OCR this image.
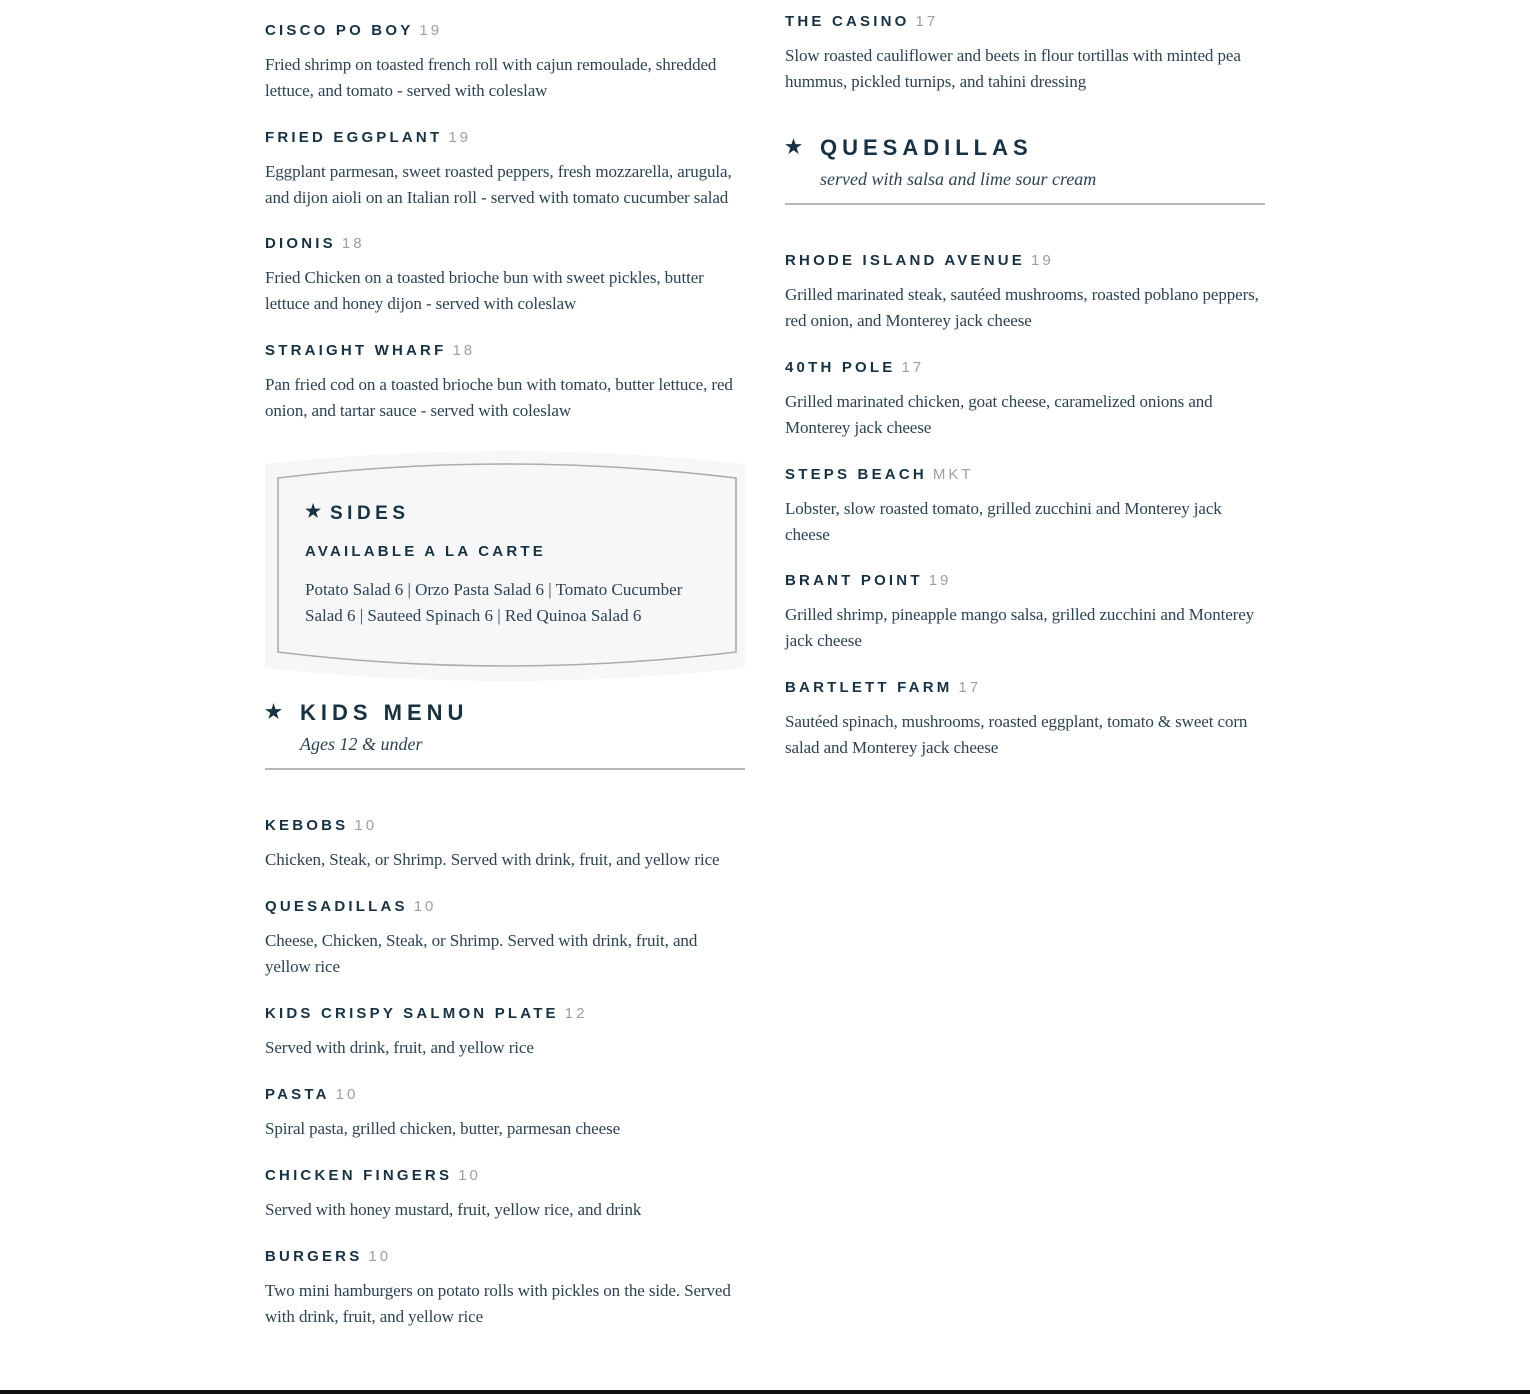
CISCO PO BOY 19
Fried shrimp on toasted french roll with cajun remoulade, shredded lettuce, and tomato - served with coleslaw
FRIED EGGPLANT 19
Eggplant parmesan, sweet roasted peppers, fresh mozzarella, arugula, and dijon aioli on an Italian roll - served with tomato cucumber salad
DIONIS 18
Fried Chicken on a toasted brioche bun with sweet pickles, butter lettuce and honey dijon - served with coleslaw
STRAIGHT WHARF 18
Pan fried cod on a toasted brioche bun with tomato, butter lettuce, red onion, and tartar sauce - served with coleslaw
★ SIDES
AVAILABLE A LA CARTE
Potato Salad 6 | Orzo Pasta Salad 6 | Tomato Cucumber Salad 6 | Sauteed Spinach 6 | Red Quinoa Salad 6
★ KIDS MENU
Ages 12 & under
KEBOBS 10
Chicken, Steak, or Shrimp. Served with drink, fruit, and yellow rice
QUESADILLAS 10
Cheese, Chicken, Steak, or Shrimp. Served with drink, fruit, and yellow rice
KIDS CRISPY SALMON PLATE 12
Served with drink, fruit, and yellow rice
PASTA 10
Spiral pasta, grilled chicken, butter, parmesan cheese
CHICKEN FINGERS 10
Served with honey mustard, fruit, yellow rice, and drink
BURGERS 10
Two mini hamburgers on potato rolls with pickles on the side. Served with drink, fruit, and yellow rice
THE CASINO 17
Slow roasted cauliflower and beets in flour tortillas with minted pea hummus, pickled turnips, and tahini dressing
★ QUESADILLAS
served with salsa and lime sour cream
RHODE ISLAND AVENUE 19
Grilled marinated steak, sautéed mushrooms, roasted poblano peppers, red onion, and Monterey jack cheese
40TH POLE 17
Grilled marinated chicken, goat cheese, caramelized onions and Monterey jack cheese
STEPS BEACH MKT
Lobster, slow roasted tomato, grilled zucchini and Monterey jack cheese
BRANT POINT 19
Grilled shrimp, pineapple mango salsa, grilled zucchini and Monterey jack cheese
BARTLETT FARM 17
Sautéed spinach, mushrooms, roasted eggplant, tomato & sweet corn salad and Monterey jack cheese
